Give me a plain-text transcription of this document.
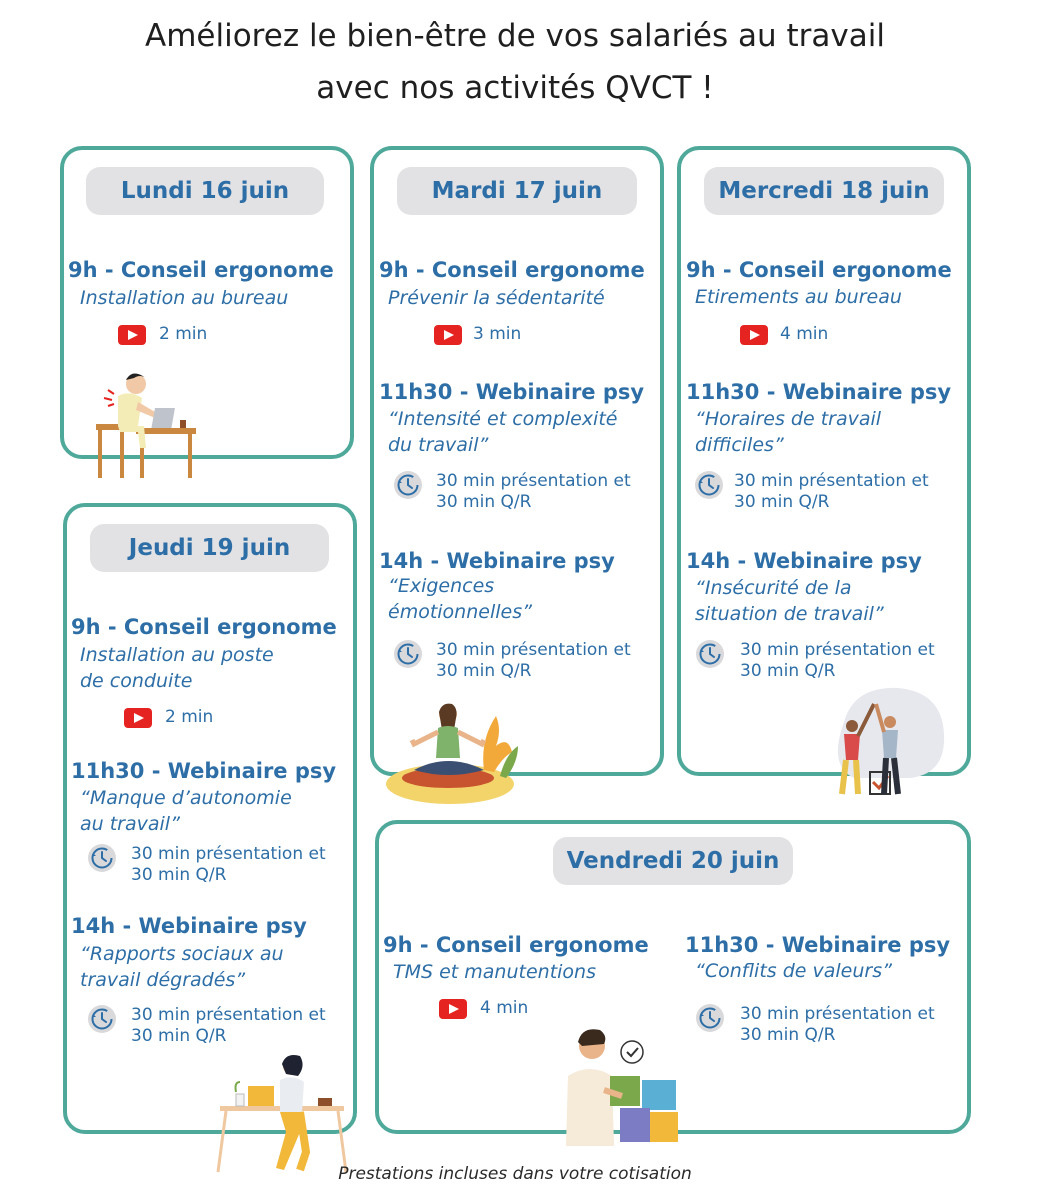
Améliorez le bien-être de vos salariés au travail
avec nos activités QVCT !
Lundi 16 juin
9h - Conseil ergonome
Installation au bureau
2 min
Mardi 17 juin
9h - Conseil ergonome
Prévenir la sédentarité
3 min
11h30 - Webinaire psy
“Intensité et complexité
du travail”
30 min présentation et
30 min Q/R
14h - Webinaire psy
“Exigences
émotionnelles”
30 min présentation et
30 min Q/R
Mercredi 18 juin
9h - Conseil ergonome
Etirements au bureau
4 min
11h30 - Webinaire psy
“Horaires de travail
difficiles”
30 min présentation et
30 min Q/R
14h - Webinaire psy
“Insécurité de la
situation de travail”
30 min présentation et
30 min Q/R
Jeudi 19 juin
9h - Conseil ergonome
Installation au poste
de conduite
2 min
11h30 - Webinaire psy
“Manque d’autonomie
au travail”
30 min présentation et
30 min Q/R
14h - Webinaire psy
“Rapports sociaux au
travail dégradés”
30 min présentation et
30 min Q/R
Vendredi 20 juin
9h - Conseil ergonome
TMS et manutentions
4 min
11h30 - Webinaire psy
“Conflits de valeurs”
30 min présentation et
30 min Q/R
Prestations incluses dans votre cotisation
